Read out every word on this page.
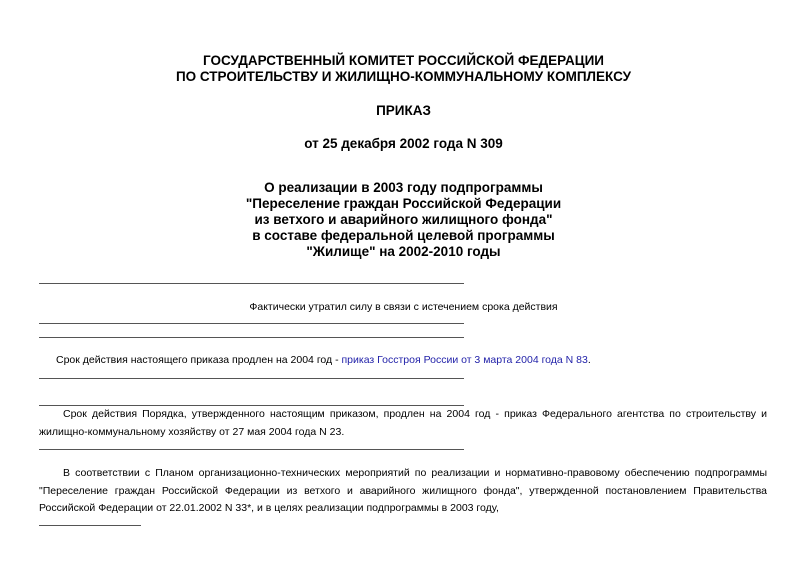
ГОСУДАРСТВЕННЫЙ КОМИТЕТ РОССИЙСКОЙ ФЕДЕРАЦИИ
ПО СТРОИТЕЛЬСТВУ И ЖИЛИЩНО-КОММУНАЛЬНОМУ КОМПЛЕКСУ
ПРИКАЗ
от 25 декабря 2002 года N 309
О реализации в 2003 году подпрограммы
"Переселение граждан Российской Федерации
из ветхого и аварийного жилищного фонда"
в составе федеральной целевой программы
"Жилище" на 2002-2010 годы
Фактически утратил силу в связи с истечением срока действия
Срок действия настоящего приказа продлен на 2004 год - приказ Госстроя России от 3 марта 2004 года N 83.
Срок действия Порядка, утвержденного настоящим приказом, продлен на 2004 год - приказ Федерального агентства по строительству и
жилищно-коммунальному хозяйству от 27 мая 2004 года N 23.
В соответствии с Планом организационно-технических мероприятий по реализации и нормативно-правовому обеспечению подпрограммы
"Переселение граждан Российской Федерации из ветхого и аварийного жилищного фонда", утвержденной постановлением Правительства
Российской Федерации от 22.01.2002 N 33*, и в целях реализации подпрограммы в 2003 году,
